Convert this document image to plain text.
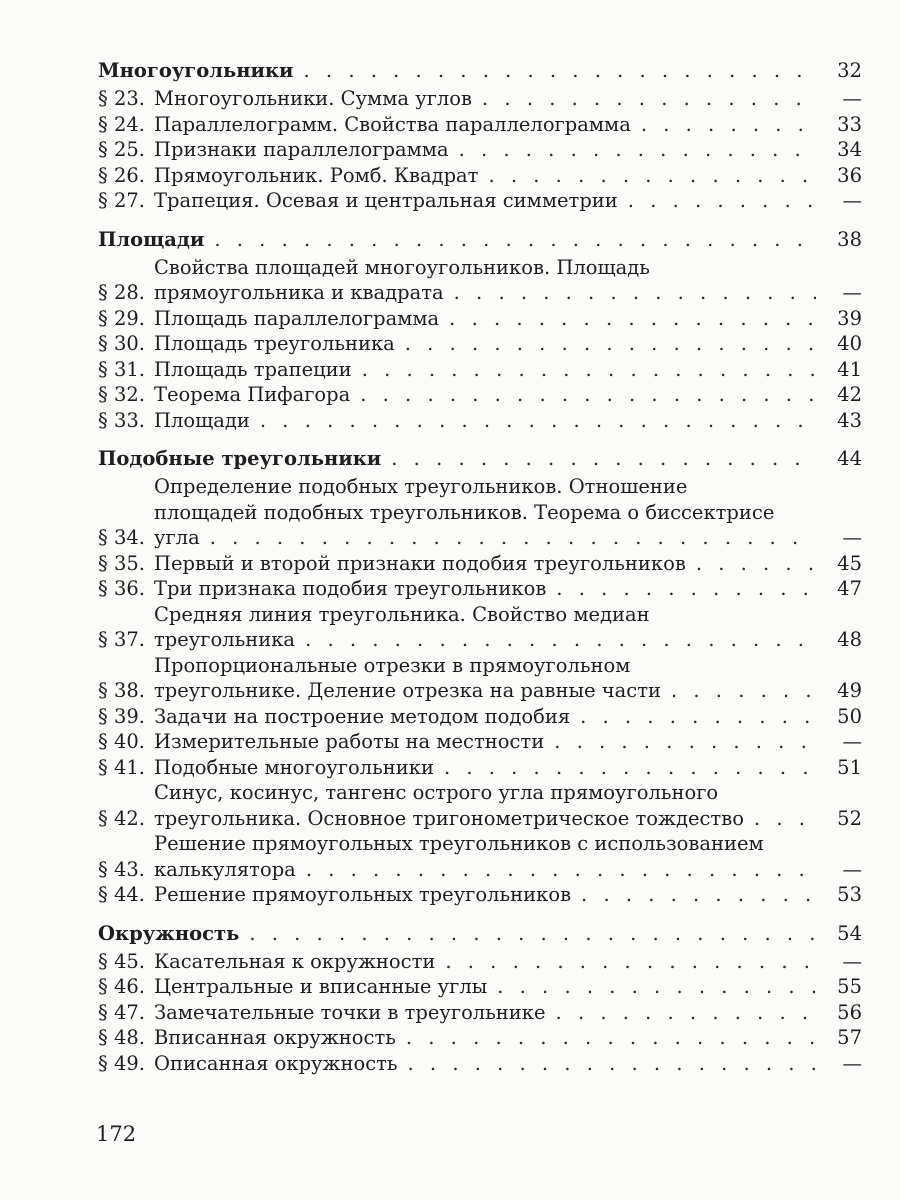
Многоугольники . . .	32
§ 23. Многоугольники. Сумма углов . . .	—
§ 24. Параллелограмм. Свойства параллелограмма . . .	33
§ 25. Признаки параллелограмма . . .	34
§ 26. Прямоугольник. Ромб. Квадрат . . .	36
§ 27. Трапеция. Осевая и центральная симметрии . . .	—
Площади . . .	38
§ 28.
Свойства площадей многоугольников. Площадь
прямоугольника и квадрата . . .	—
§ 29. Площадь параллелограмма . . .	39
§ 30. Площадь треугольника . . .	40
§ 31. Площадь трапеции . . .	41
§ 32. Теорема Пифагора . . .	42
§ 33. Площади . . .	43
Подобные треугольники . . .	44
§ 34.
Определение подобных треугольников. Отношение
площадей подобных треугольников. Теорема о биссектрисе
угла . . .	—
§ 35. Первый и второй признаки подобия треугольников . . .	45
§ 36. Три признака подобия треугольников . . .	47
§ 37.
Средняя линия треугольника. Свойство медиан
треугольника . . .	48
§ 38.
Пропорциональные отрезки в прямоугольном
треугольнике. Деление отрезка на равные части . . .	49
§ 39. Задачи на построение методом подобия . . .	50
§ 40. Измерительные работы на местности . . .	—
§ 41. Подобные многоугольники . . .	51
§ 42.
Синус, косинус, тангенс острого угла прямоугольного
треугольника. Основное тригонометрическое тождество . . .	52
§ 43.
Решение прямоугольных треугольников с использованием
калькулятора . . .	—
§ 44. Решение прямоугольных треугольников . . .	53
Окружность . . .	54
§ 45. Касательная к окружности . . .	—
§ 46. Центральные и вписанные углы . . .	55
§ 47. Замечательные точки в треугольнике . . .	56
§ 48. Вписанная окружность . . .	57
§ 49. Описанная окружность . . .	—
172
